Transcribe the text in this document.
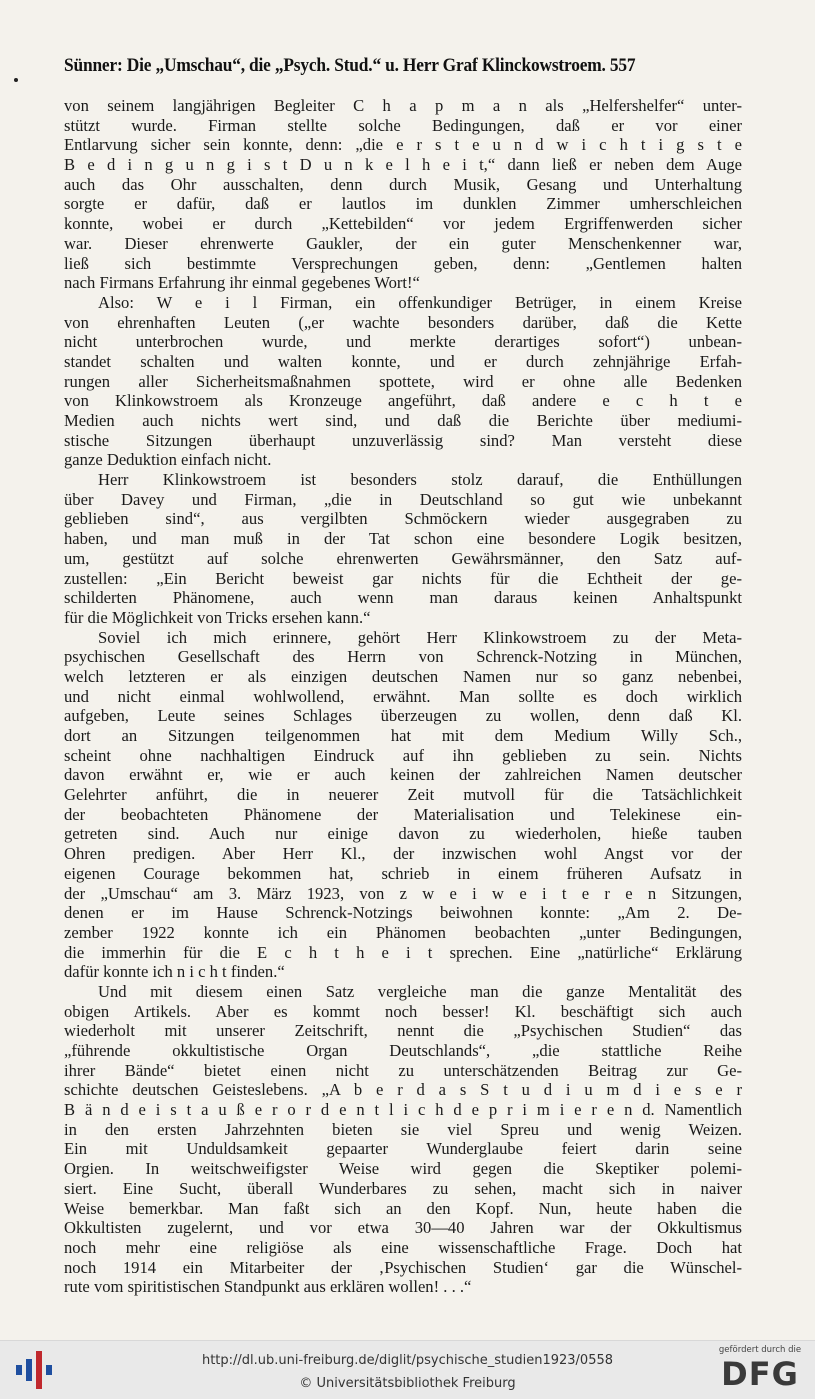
Sünner: Die „Umschau“, die „Psych. Stud.“ u. Herr Graf Klinckowstroem. 557
von seinem langjährigen Begleiter C h a p m a n als „Helfershelfer“ unter-
stützt wurde. Firman stellte solche Bedingungen, daß er vor einer
Entlarvung sicher sein konnte, denn: „die e r s t e u n d w i c h t i g s t e
B e d i n g u n g i s t D u n k e l h e i t,“ dann ließ er neben dem Auge
auch das Ohr ausschalten, denn durch Musik, Gesang und Unterhaltung
sorgte er dafür, daß er lautlos im dunklen Zimmer umherschleichen
konnte, wobei er durch „Kettebilden“ vor jedem Ergriffenwerden sicher
war. Dieser ehrenwerte Gaukler, der ein guter Menschenkenner war,
ließ sich bestimmte Versprechungen geben, denn: „Gentlemen halten
nach Firmans Erfahrung ihr einmal gegebenes Wort!“
Also: W e i l Firman, ein offenkundiger Betrüger, in einem Kreise
von ehrenhaften Leuten („er wachte besonders darüber, daß die Kette
nicht unterbrochen wurde, und merkte derartiges sofort“) unbean-
standet schalten und walten konnte, und er durch zehnjährige Erfah-
rungen aller Sicherheitsmaßnahmen spottete, wird er ohne alle Bedenken
von Klinkowstroem als Kronzeuge angeführt, daß andere e c h t e
Medien auch nichts wert sind, und daß die Berichte über mediumi-
stische Sitzungen überhaupt unzuverlässig sind? Man versteht diese
ganze Deduktion einfach nicht.
Herr Klinkowstroem ist besonders stolz darauf, die Enthüllungen
über Davey und Firman, „die in Deutschland so gut wie unbekannt
geblieben sind“, aus vergilbten Schmöckern wieder ausgegraben zu
haben, und man muß in der Tat schon eine besondere Logik besitzen,
um, gestützt auf solche ehrenwerten Gewährsmänner, den Satz auf-
zustellen: „Ein Bericht beweist gar nichts für die Echtheit der ge-
schilderten Phänomene, auch wenn man daraus keinen Anhaltspunkt
für die Möglichkeit von Tricks ersehen kann.“
Soviel ich mich erinnere, gehört Herr Klinkowstroem zu der Meta-
psychischen Gesellschaft des Herrn von Schrenck-Notzing in München,
welch letzteren er als einzigen deutschen Namen nur so ganz nebenbei,
und nicht einmal wohlwollend, erwähnt. Man sollte es doch wirklich
aufgeben, Leute seines Schlages überzeugen zu wollen, denn daß Kl.
dort an Sitzungen teilgenommen hat mit dem Medium Willy Sch.,
scheint ohne nachhaltigen Eindruck auf ihn geblieben zu sein. Nichts
davon erwähnt er, wie er auch keinen der zahlreichen Namen deutscher
Gelehrter anführt, die in neuerer Zeit mutvoll für die Tatsächlichkeit
der beobachteten Phänomene der Materialisation und Telekinese ein-
getreten sind. Auch nur einige davon zu wiederholen, hieße tauben
Ohren predigen. Aber Herr Kl., der inzwischen wohl Angst vor der
eigenen Courage bekommen hat, schrieb in einem früheren Aufsatz in
der „Umschau“ am 3. März 1923, von z w e i w e i t e r e n Sitzungen,
denen er im Hause Schrenck-Notzings beiwohnen konnte: „Am 2. De-
zember 1922 konnte ich ein Phänomen beobachten „unter Bedingungen,
die immerhin für die E c h t h e i t sprechen. Eine „natürliche“ Erklärung
dafür konnte ich n i c h t finden.“
Und mit diesem einen Satz vergleiche man die ganze Mentalität des
obigen Artikels. Aber es kommt noch besser! Kl. beschäftigt sich auch
wiederholt mit unserer Zeitschrift, nennt die „Psychischen Studien“ das
„führende okkultistische Organ Deutschlands“, „die stattliche Reihe
ihrer Bände“ bietet einen nicht zu unterschätzenden Beitrag zur Ge-
schichte deutschen Geisteslebens. „A b e r d a s S t u d i u m d i e s e r
B ä n d e i s t a u ß e r o r d e n t l i c h d e p r i m i e r e n d. Namentlich
in den ersten Jahrzehnten bieten sie viel Spreu und wenig Weizen.
Ein mit Unduldsamkeit gepaarter Wunderglaube feiert darin seine
Orgien. In weitschweifigster Weise wird gegen die Skeptiker polemi-
siert. Eine Sucht, überall Wunderbares zu sehen, macht sich in naiver
Weise bemerkbar. Man faßt sich an den Kopf. Nun, heute haben die
Okkultisten zugelernt, und vor etwa 30—40 Jahren war der Okkultismus
noch mehr eine religiöse als eine wissenschaftliche Frage. Doch hat
noch 1914 ein Mitarbeiter der ‚Psychischen Studien‘ gar die Wünschel-
rute vom spiritistischen Standpunkt aus erklären wollen! . . .“
http://dl.ub.uni-freiburg.de/diglit/psychische_studien1923/0558
© Universitätsbibliothek Freiburg
gefördert durch die
DFG
